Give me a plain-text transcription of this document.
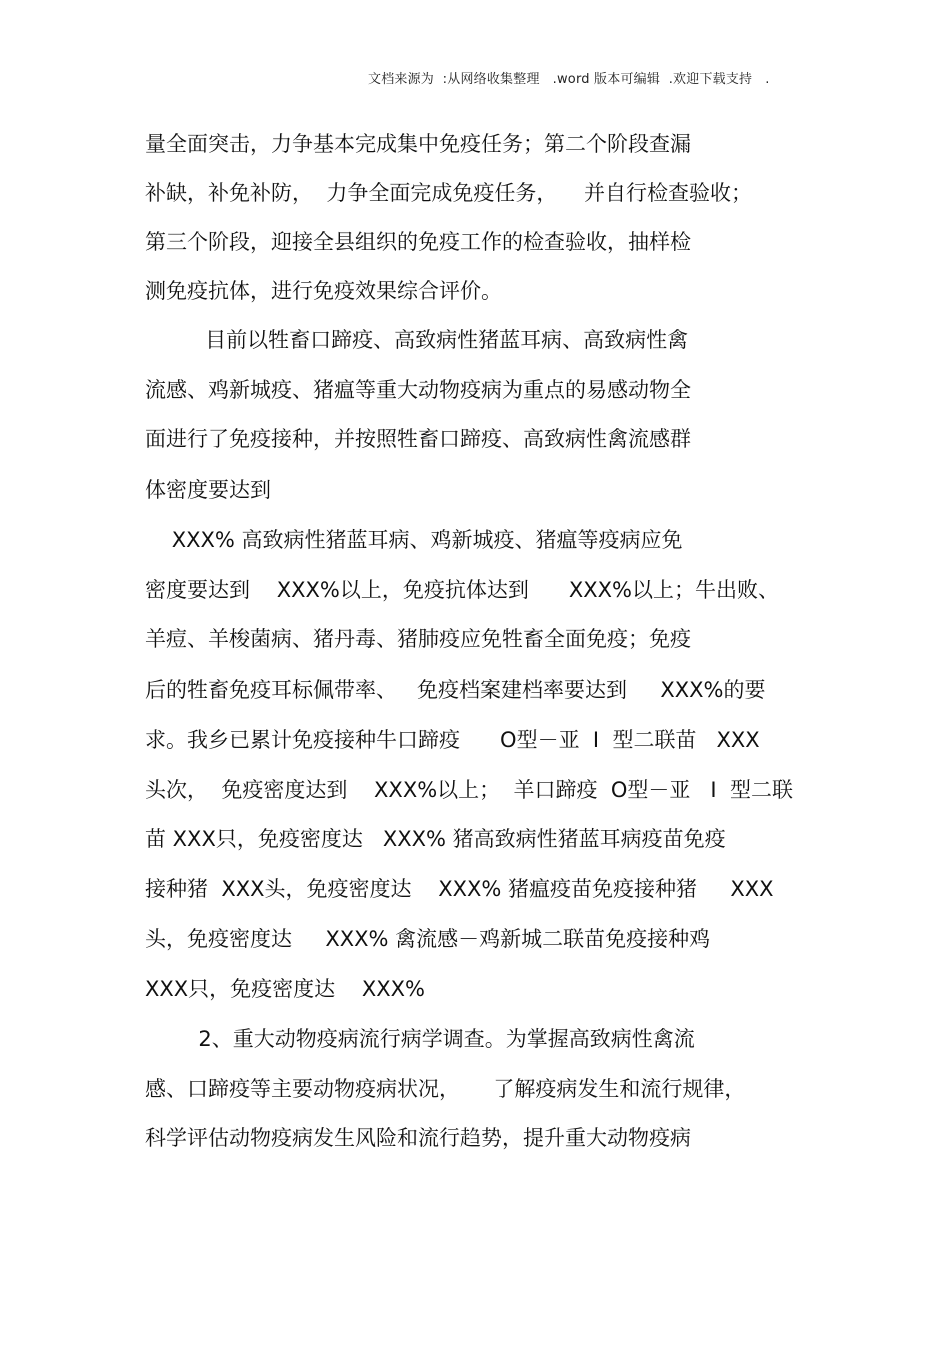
文档来源为  :从网络收集整理   .word 版本可编辑  .欢迎下载支持   .
量全面突击，力争基本完成集中免疫任务；第二个阶段查漏
补缺，补免补防，  力争全面完成免疫任务，    并自行检查验收；
第三个阶段，迎接全县组织的免疫工作的检查验收，抽样检
测免疫抗体，进行免疫效果综合评价。
目前以牲畜口蹄疫、高致病性猪蓝耳病、高致病性禽
流感、鸡新城疫、猪瘟等重大动物疫病为重点的易感动物全
面进行了免疫接种，并按照牲畜口蹄疫、高致病性禽流感群
体密度要达到
XXX% 高致病性猪蓝耳病、鸡新城疫、猪瘟等疫病应免
密度要达到    XXX%以上，免疫抗体达到      XXX%以上；牛出败、
羊痘、羊梭菌病、猪丹毒、猪肺疫应免牲畜全面免疫；免疫
后的牲畜免疫耳标佩带率、   免疫档案建档率要达到     XXX%的要
求。我乡已累计免疫接种牛口蹄疫      O型－亚  I  型二联苗   XXX
头次，  免疫密度达到    XXX%以上；  羊口蹄疫  O型－亚   I  型二联
苗 XXX只，免疫密度达   XXX% 猪高致病性猪蓝耳病疫苗免疫
接种猪  XXX头，免疫密度达    XXX% 猪瘟疫苗免疫接种猪     XXX
头，免疫密度达     XXX% 禽流感－鸡新城二联苗免疫接种鸡
XXX只，免疫密度达    XXX%
2、重大动物疫病流行病学调查。为掌握高致病性禽流
感、口蹄疫等主要动物疫病状况，     了解疫病发生和流行规律，
科学评估动物疫病发生风险和流行趋势，提升重大动物疫病
